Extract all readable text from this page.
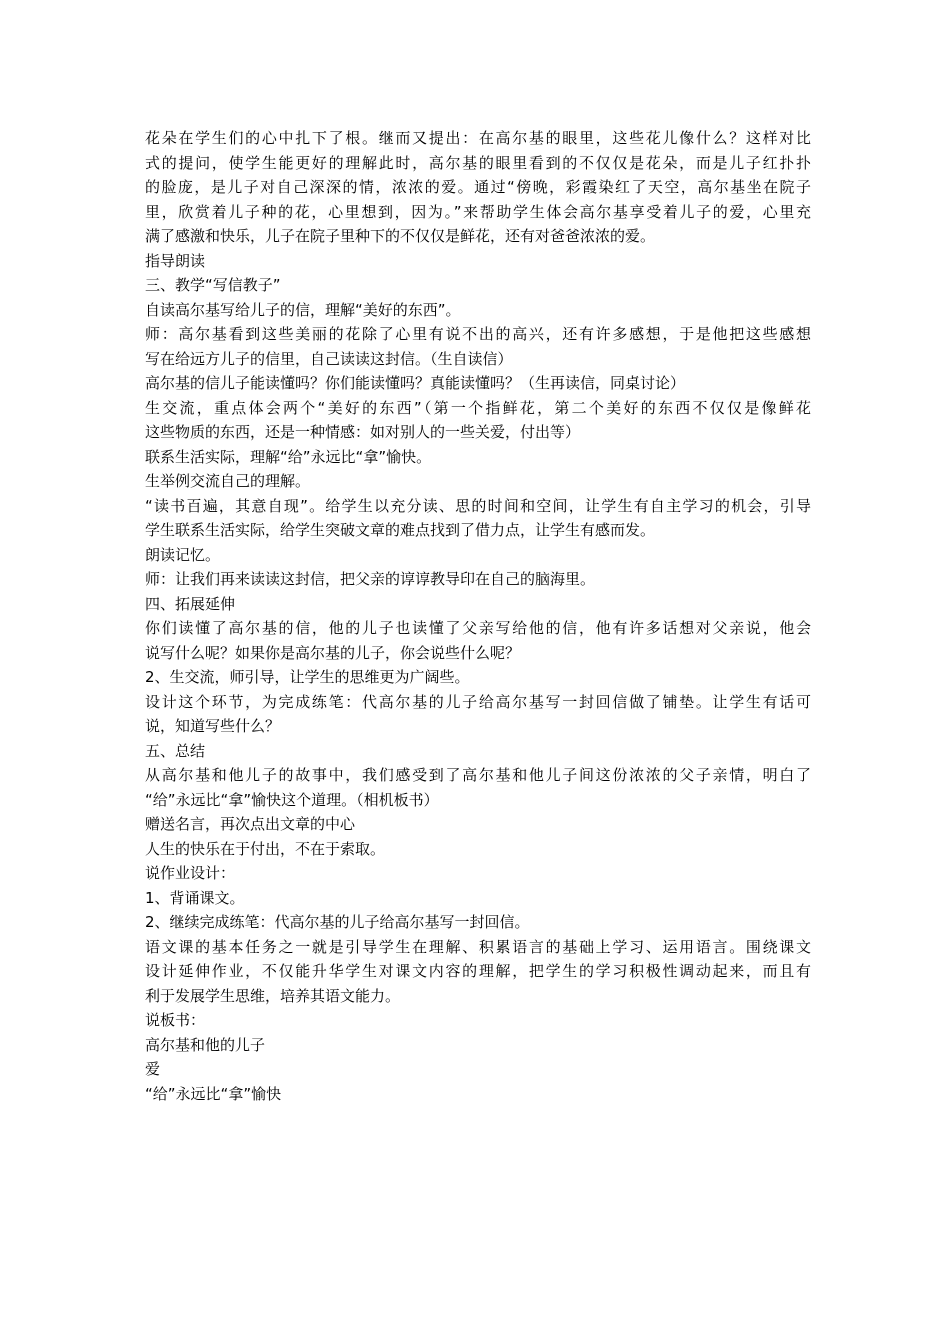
花朵在学生们的心中扎下了根。继而又提出：在高尔基的眼里，这些花儿像什么？这样对比
式的提问，使学生能更好的理解此时，高尔基的眼里看到的不仅仅是花朵，而是儿子红扑扑
的脸庞，是儿子对自己深深的情，浓浓的爱。通过“傍晚，彩霞染红了天空，高尔基坐在院子
里，欣赏着儿子种的花，心里想到，因为。”来帮助学生体会高尔基享受着儿子的爱，心里充
满了感激和快乐，儿子在院子里种下的不仅仅是鲜花，还有对爸爸浓浓的爱。
指导朗读
三、教学“写信教子”
自读高尔基写给儿子的信，理解“美好的东西”。
师：高尔基看到这些美丽的花除了心里有说不出的高兴，还有许多感想，于是他把这些感想
写在给远方儿子的信里，自己读读这封信。（生自读信）
高尔基的信儿子能读懂吗？你们能读懂吗？真能读懂吗？（生再读信，同桌讨论）
生交流，重点体会两个“美好的东西”（第一个指鲜花，第二个美好的东西不仅仅是像鲜花
这些物质的东西，还是一种情感：如对别人的一些关爱，付出等）
联系生活实际，理解“给”永远比“拿”愉快。
生举例交流自己的理解。
“读书百遍，其意自现”。给学生以充分读、思的时间和空间，让学生有自主学习的机会，引导
学生联系生活实际，给学生突破文章的难点找到了借力点，让学生有感而发。
朗读记忆。
师：让我们再来读读这封信，把父亲的谆谆教导印在自己的脑海里。
四、拓展延伸
你们读懂了高尔基的信，他的儿子也读懂了父亲写给他的信，他有许多话想对父亲说，他会
说写什么呢？如果你是高尔基的儿子，你会说些什么呢？
2、生交流，师引导，让学生的思维更为广阔些。
设计这个环节，为完成练笔：代高尔基的儿子给高尔基写一封回信做了铺垫。让学生有话可
说，知道写些什么？
五、总结
从高尔基和他儿子的故事中，我们感受到了高尔基和他儿子间这份浓浓的父子亲情，明白了
“给”永远比“拿”愉快这个道理。（相机板书）
赠送名言，再次点出文章的中心
人生的快乐在于付出，不在于索取。
说作业设计：
1、背诵课文。
2、继续完成练笔：代高尔基的儿子给高尔基写一封回信。
语文课的基本任务之一就是引导学生在理解、积累语言的基础上学习、运用语言。围绕课文
设计延伸作业，不仅能升华学生对课文内容的理解，把学生的学习积极性调动起来，而且有
利于发展学生思维，培养其语文能力。
说板书：
高尔基和他的儿子
爱
“给”永远比“拿”愉快
